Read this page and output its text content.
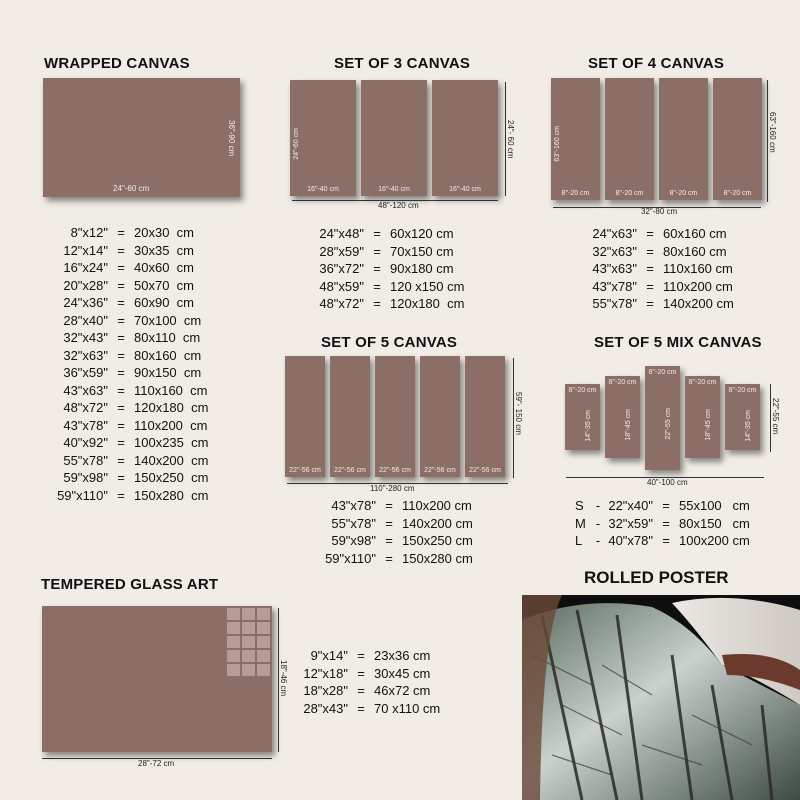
WRAPPED CANVAS
24"-60 cm
36"-90 cm
8"x12" = 20x30  cm
12"x14" = 30x35  cm
16"x24" = 40x60  cm
20"x28" = 50x70  cm
24"x36" = 60x90  cm
28"x40" = 70x100  cm
32"x43" = 80x110  cm
32"x63" = 80x160  cm
36"x59" = 90x150  cm
43"x63" = 110x160  cm
48"x72" = 120x180  cm
43"x78" = 110x200  cm
40"x92" = 100x235  cm
55"x78" = 140x200  cm
59"x98" = 150x250  cm
59"x110" = 150x280  cm
SET OF 3 CANVAS
16"-40 cm
24"-60 cm
16"-40 cm	16"-40 cm
48"-120 cm
24"- 60 cm
24"x48" = 60x120 cm
28"x59" = 70x150 cm
36"x72" = 90x180 cm
48"x59" = 120 x150 cm
48"x72" = 120x180  cm
SET OF 4 CANVAS
8"-20 cm
63"-160 cm
8"-20 cm	8"-20 cm	8"-20 cm
32"-80 cm
63"-160 cm
24"x63" = 60x160 cm
32"x63" = 80x160 cm
43"x63" = 110x160 cm
43"x78" = 110x200 cm
55"x78" = 140x200 cm
SET OF 5 CANVAS
22"-56 cm 22"-56 cm 22"-56 cm 22"-56 cm 22"-56 cm
110"-280 cm
59"- 150 cm
43"x78" = 110x200 cm
55"x78" = 140x200 cm
59"x98" = 150x250 cm
59"x110" = 150x280 cm
SET OF 5 MIX CANVAS
8"-20 cm
14"-35 cm
8"-20 cm
18"-45 cm
8"-20 cm
22"-55 cm
8"-20 cm
18"-45 cm
8"-20 cm
14"-35 cm
40"-100 cm
22"-55 cm
S - 22"x40" = 55x100   cm
M - 32"x59" = 80x150   cm
L	- 40"x78" = 100x200 cm
TEMPERED GLASS ART
28"-72 cm
18"-46 cm
9"x14" = 23x36 cm
12"x18" = 30x45 cm
18"x28" = 46x72 cm
28"x43" = 70 x110 cm
ROLLED POSTER
